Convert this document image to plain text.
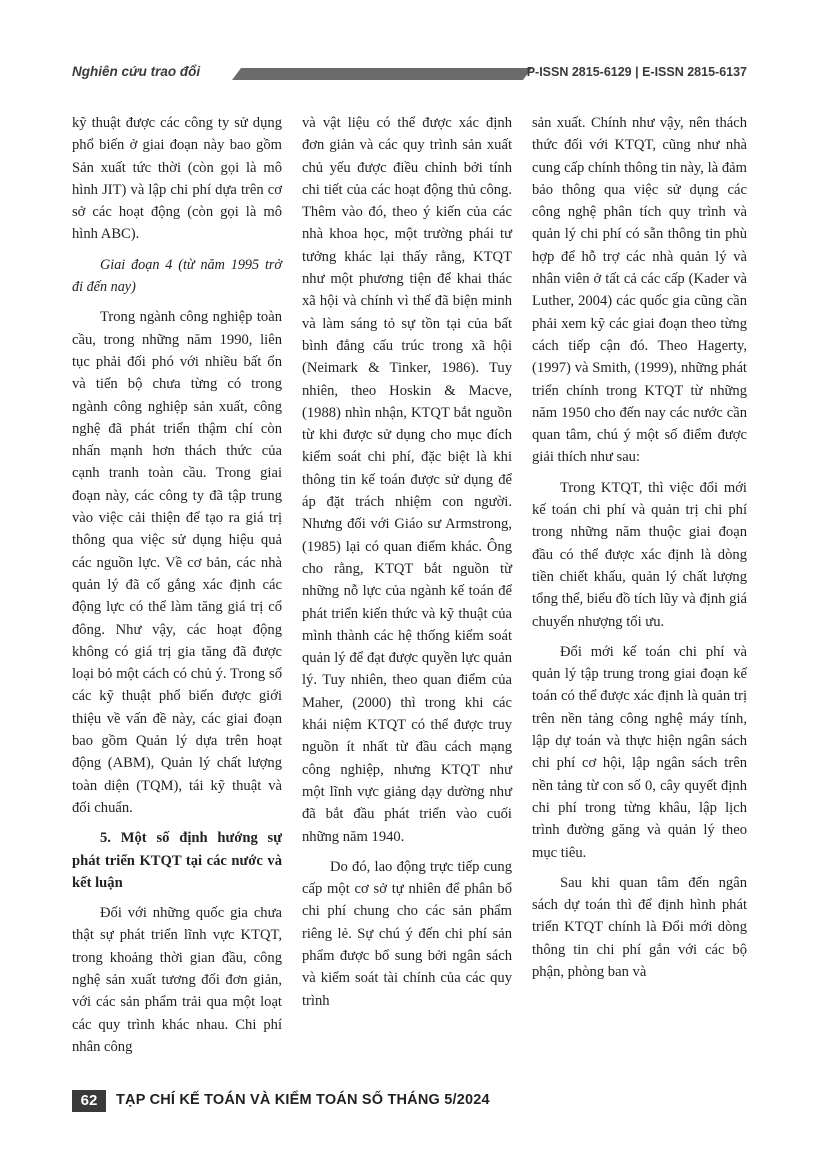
Nghiên cứu trao đổi	P-ISSN 2815-6129 | E-ISSN 2815-6137

kỹ thuật được các công ty sử dụng phổ biến ở giai đoạn này bao gồm Sản xuất tức thời (còn gọi là mô hình JIT) và lập chi phí dựa trên cơ sở các hoạt động (còn gọi là mô hình ABC).

Giai đoạn 4 (từ năm 1995 trở đi đến nay)

Trong ngành công nghiệp toàn cầu, trong những năm 1990, liên tục phải đối phó với nhiều bất ổn và tiến bộ chưa từng có trong ngành công nghiệp sản xuất, công nghệ đã phát triển thậm chí còn nhấn mạnh hơn thách thức của cạnh tranh toàn cầu. Trong giai đoạn này, các công ty đã tập trung vào việc cải thiện để tạo ra giá trị thông qua việc sử dụng hiệu quả các nguồn lực. Về cơ bản, các nhà quản lý đã cố gắng xác định các động lực có thể làm tăng giá trị cổ đông. Như vậy, các hoạt động không có giá trị gia tăng đã được loại bỏ một cách có chủ ý. Trong số các kỹ thuật phổ biến được giới thiệu về vấn đề này, các giai đoạn bao gồm Quản lý dựa trên hoạt động (ABM), Quản lý chất lượng toàn diện (TQM), tái kỹ thuật và đối chuẩn.

5. Một số định hướng sự phát triển KTQT tại các nước và kết luận

Đối với những quốc gia chưa thật sự phát triển lĩnh vực KTQT, trong khoảng thời gian đầu, công nghệ sản xuất tương đối đơn giản, với các sản phẩm trải qua một loạt các quy trình khác nhau. Chi phí nhân công

và vật liệu có thể được xác định đơn giản và các quy trình sản xuất chủ yếu được điều chỉnh bởi tính chi tiết của các hoạt động thủ công. Thêm vào đó, theo ý kiến của các nhà khoa học, một trường phái tư tưởng khác lại thấy rằng, KTQT như một phương tiện để khai thác xã hội và chính vì thế đã biện minh và làm sáng tỏ sự tồn tại của bất bình đẳng cấu trúc trong xã hội (Neimark & Tinker, 1986). Tuy nhiên, theo Hoskin & Macve, (1988) nhìn nhận, KTQT bắt nguồn từ khi được sử dụng cho mục đích kiểm soát chi phí, đặc biệt là khi thông tin kế toán được sử dụng để áp đặt trách nhiệm con người. Nhưng đối với Giáo sư Armstrong, (1985) lại có quan điểm khác. Ông cho rằng, KTQT bắt nguồn từ những nỗ lực của ngành kế toán để phát triển kiến thức và kỹ thuật của mình thành các hệ thống kiểm soát quản lý để đạt được quyền lực quản lý. Tuy nhiên, theo quan điểm của Maher, (2000) thì trong khi các khái niệm KTQT có thể được truy nguồn ít nhất từ đầu cách mạng công nghiệp, nhưng KTQT như một lĩnh vực giảng dạy dường như đã bắt đầu phát triển vào cuối những năm 1940.

Do đó, lao động trực tiếp cung cấp một cơ sở tự nhiên để phân bổ chi phí chung cho các sản phẩm riêng lẻ. Sự chú ý đến chi phí sản phẩm được bổ sung bởi ngân sách và kiểm soát tài chính của các quy trình

sản xuất. Chính như vậy, nên thách thức đối với KTQT, cũng như nhà cung cấp chính thông tin này, là đảm bảo thông qua việc sử dụng các công nghệ phân tích quy trình và quản lý chi phí có sẵn thông tin phù hợp để hỗ trợ các nhà quản lý và nhân viên ở tất cả các cấp (Kader và Luther, 2004) các quốc gia cũng cần phải xem kỹ các giai đoạn theo từng cách tiếp cận đó. Theo Hagerty, (1997) và Smith, (1999), những phát triển chính trong KTQT từ những năm 1950 cho đến nay các nước cần quan tâm, chú ý một số điểm được giải thích như sau:

Trong KTQT, thì việc đổi mới kế toán chi phí và quản trị chi phí trong những năm thuộc giai đoạn đầu có thể được xác định là dòng tiền chiết khấu, quản lý chất lượng tổng thể, biểu đồ tích lũy và định giá chuyển nhượng tối ưu.

Đổi mới kế toán chi phí và quản lý tập trung trong giai đoạn kế toán có thể được xác định là quản trị trên nền tảng công nghệ máy tính, lập dự toán và thực hiện ngân sách chi phí cơ hội, lập ngân sách trên nền tảng từ con số 0, cây quyết định chi phí trong từng khâu, lập lịch trình đường găng và quản lý theo mục tiêu.

Sau khi quan tâm đến ngân sách dự toán thì để định hình phát triển KTQT chính là Đổi mới dòng thông tin chi phí gắn với các bộ phận, phòng ban và

62	TẠP CHÍ KẾ TOÁN VÀ KIỂM TOÁN SỐ THÁNG 5/2024
